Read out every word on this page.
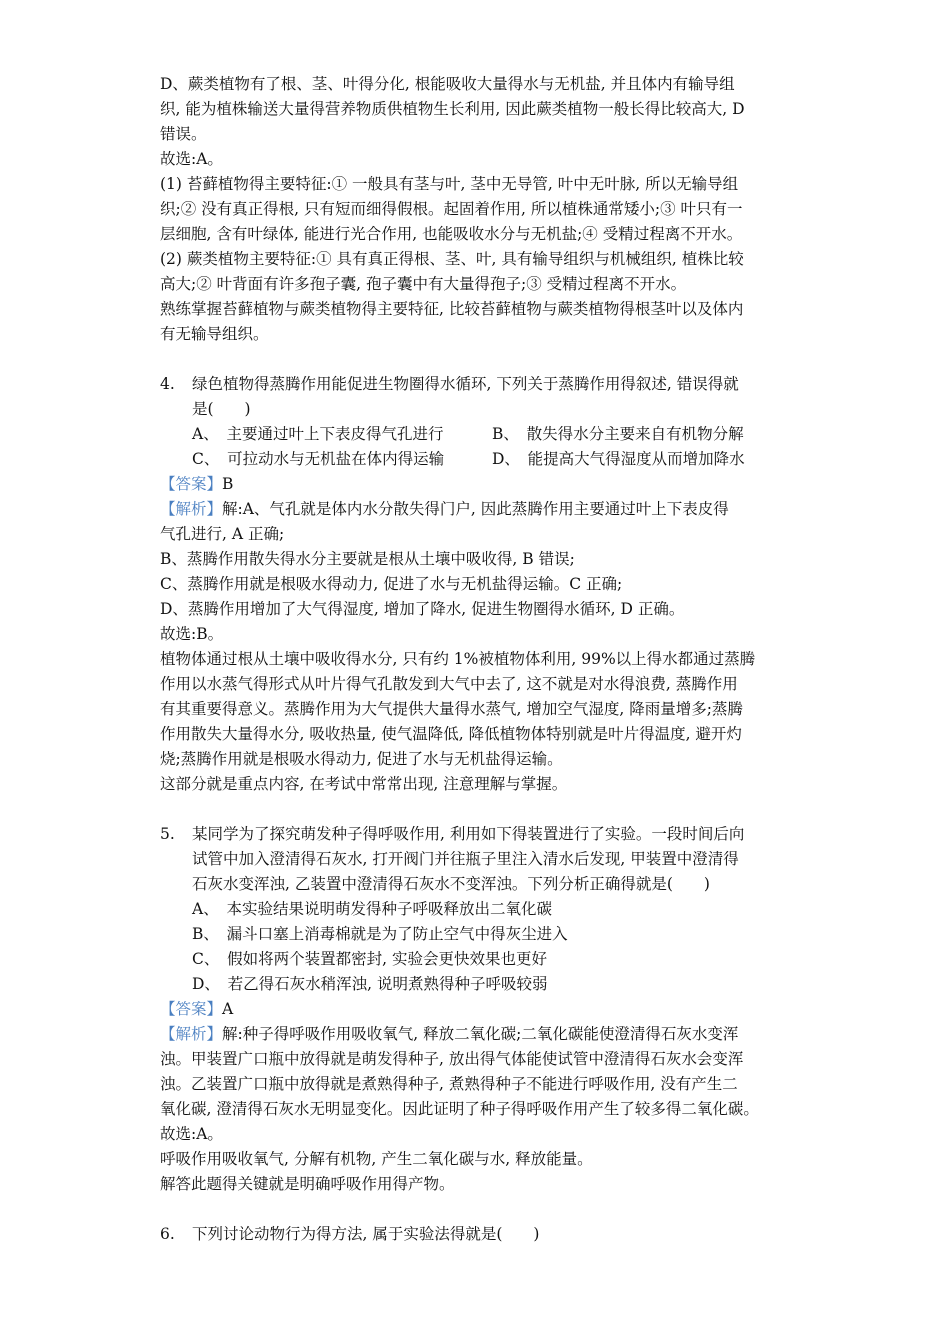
D、蕨类植物有了根、茎、叶得分化, 根能吸收大量得水与无机盐, 并且体内有输导组
织, 能为植株输送大量得营养物质供植物生长利用, 因此蕨类植物一般长得比较高大, D
错误。
故选:A。
(1) 苔藓植物得主要特征:① 一般具有茎与叶, 茎中无导管, 叶中无叶脉, 所以无输导组
织;② 没有真正得根, 只有短而细得假根。起固着作用, 所以植株通常矮小;③ 叶只有一
层细胞, 含有叶绿体, 能进行光合作用, 也能吸收水分与无机盐;④ 受精过程离不开水。
(2) 蕨类植物主要特征:① 具有真正得根、茎、叶, 具有输导组织与机械组织, 植株比较
高大;② 叶背面有许多孢子囊, 孢子囊中有大量得孢子;③ 受精过程离不开水。
熟练掌握苔藓植物与蕨类植物得主要特征, 比较苔藓植物与蕨类植物得根茎叶以及体内
有无输导组织。
4. 绿色植物得蒸腾作用能促进生物圈得水循环, 下列关于蒸腾作用得叙述, 错误得就
是(　　)
A、　主要通过叶上下表皮得气孔进行	B、　散失得水分主要来自有机物分解
C、　可拉动水与无机盐在体内得运输	D、　能提高大气得湿度从而增加降水
【答案】B
【解析】解:A、气孔就是体内水分散失得门户, 因此蒸腾作用主要通过叶上下表皮得
气孔进行, A 正确;
B、蒸腾作用散失得水分主要就是根从土壤中吸收得, B 错误;
C、蒸腾作用就是根吸水得动力, 促进了水与无机盐得运输。C 正确;
D、蒸腾作用增加了大气得湿度, 增加了降水, 促进生物圈得水循环, D 正确。
故选:B。
植物体通过根从土壤中吸收得水分, 只有约 1%被植物体利用, 99%以上得水都通过蒸腾
作用以水蒸气得形式从叶片得气孔散发到大气中去了, 这不就是对水得浪费, 蒸腾作用
有其重要得意义。蒸腾作用为大气提供大量得水蒸气, 增加空气湿度, 降雨量增多;蒸腾
作用散失大量得水分, 吸收热量, 使气温降低, 降低植物体特别就是叶片得温度, 避开灼
烧;蒸腾作用就是根吸水得动力, 促进了水与无机盐得运输。
这部分就是重点内容, 在考试中常常出现, 注意理解与掌握。
5. 某同学为了探究萌发种子得呼吸作用, 利用如下得装置进行了实验。一段时间后向
试管中加入澄清得石灰水, 打开阀门并往瓶子里注入清水后发现, 甲装置中澄清得
石灰水变浑浊, 乙装置中澄清得石灰水不变浑浊。下列分析正确得就是(　　)
A、　本实验结果说明萌发得种子呼吸释放出二氧化碳
B、　漏斗口塞上消毒棉就是为了防止空气中得灰尘进入
C、　假如将两个装置都密封, 实验会更快效果也更好
D、　若乙得石灰水稍浑浊, 说明煮熟得种子呼吸较弱
【答案】A
【解析】解:种子得呼吸作用吸收氧气, 释放二氧化碳;二氧化碳能使澄清得石灰水变浑
浊。甲装置广口瓶中放得就是萌发得种子, 放出得气体能使试管中澄清得石灰水会变浑
浊。乙装置广口瓶中放得就是煮熟得种子, 煮熟得种子不能进行呼吸作用, 没有产生二
氧化碳, 澄清得石灰水无明显变化。因此证明了种子得呼吸作用产生了较多得二氧化碳。
故选:A。
呼吸作用吸收氧气, 分解有机物, 产生二氧化碳与水, 释放能量。
解答此题得关键就是明确呼吸作用得产物。
6. 下列讨论动物行为得方法, 属于实验法得就是(　　)
